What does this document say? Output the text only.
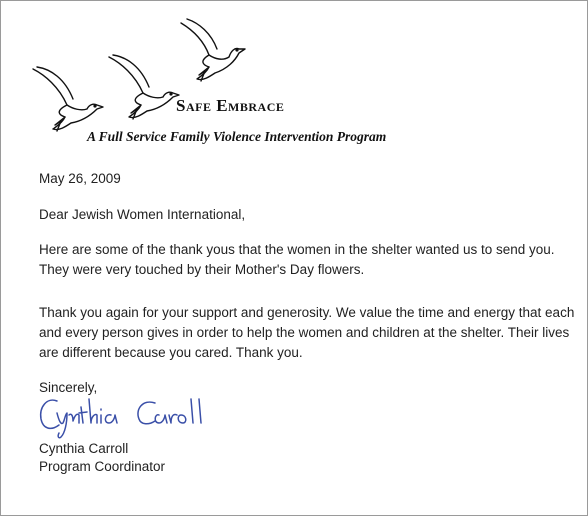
Safe Embrace
A Full Service Family Violence Intervention Program
May 26, 2009
Dear Jewish Women International,
Here are some of the thank yous that the women in the shelter wanted us to send you. They were very touched by their Mother's Day flowers.
Thank you again for your support and generosity. We value the time and energy that each and every person gives in order to help the women and children at the shelter. Their lives are different because you cared. Thank you.
Sincerely,
Cynthia Carroll
Program Coordinator
